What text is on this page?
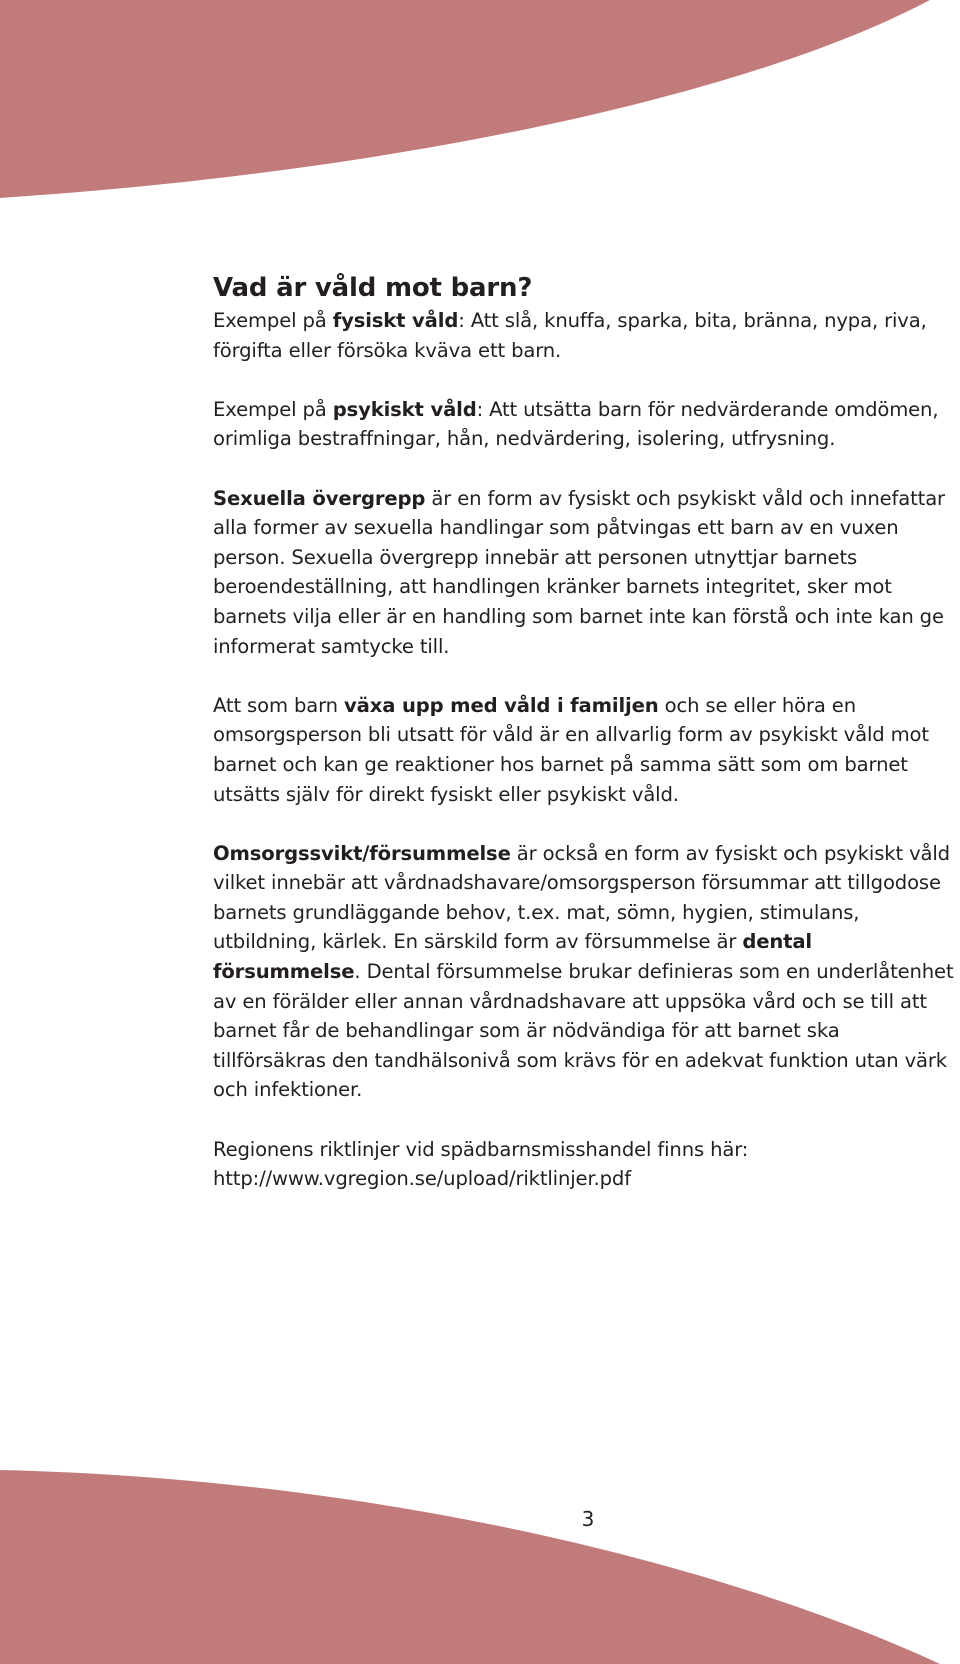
Vad är våld mot barn?

Exempel på fysiskt våld: Att slå, knuffa, sparka, bita, bränna, nypa, riva, förgifta eller försöka kväva ett barn.

Exempel på psykiskt våld: Att utsätta barn för nedvärderande omdömen, orimliga bestraffningar, hån, nedvärdering, isolering, utfrysning.

Sexuella övergrepp är en form av fysiskt och psykiskt våld och innefattar alla former av sexuella handlingar som påtvingas ett barn av en vuxen person. Sexuella övergrepp innebär att personen utnyttjar barnets beroendeställning, att handlingen kränker barnets integritet, sker mot barnets vilja eller är en handling som barnet inte kan förstå och inte kan ge informerat samtycke till.

Att som barn växa upp med våld i familjen och se eller höra en omsorgsperson bli utsatt för våld är en allvarlig form av psykiskt våld mot barnet och kan ge reaktioner hos barnet på samma sätt som om barnet utsätts själv för direkt fysiskt eller psykiskt våld.

Omsorgssvikt/försummelse är också en form av fysiskt och psykiskt våld vilket innebär att vårdnadshavare/omsorgsperson försummar att tillgodose barnets grundläggande behov, t.ex. mat, sömn, hygien, stimulans, utbildning, kärlek. En särskild form av försummelse är dental försummelse. Dental försummelse brukar definieras som en underlåtenhet av en förälder eller annan vårdnadshavare att uppsöka vård och se till att barnet får de behandlingar som är nödvändiga för att barnet ska tillförsäkras den tandhälsonivå som krävs för en adekvat funktion utan värk och infektioner.

Regionens riktlinjer vid spädbarnsmisshandel finns här:
http://www.vgregion.se/upload/riktlinjer.pdf

3
